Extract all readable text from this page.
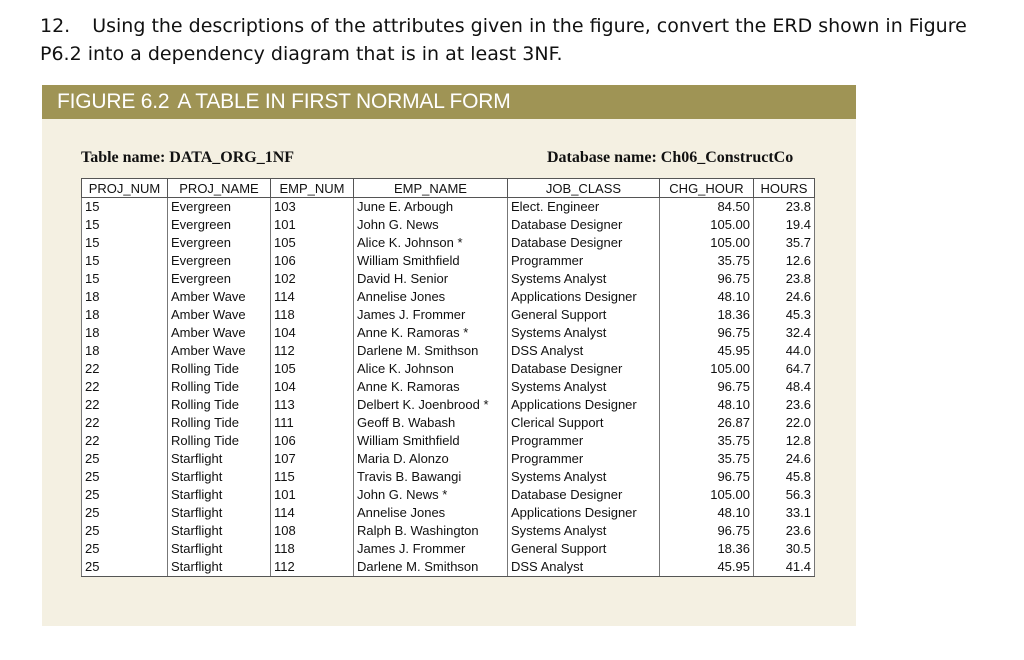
12. Using the descriptions of the attributes given in the figure, convert the ERD shown in Figure P6.2 into a dependency diagram that is in at least 3NF.
FIGURE 6.2 A TABLE IN FIRST NORMAL FORM
Table name: DATA_ORG_1NF	Database name: Ch06_ConstructCo
PROJ_NUM	PROJ_NAME	EMP_NUM	EMP_NAME	JOB_CLASS	CHG_HOUR	HOURS
15	Evergreen	103	June E. Arbough	Elect. Engineer	84.50	23.8
15	Evergreen	101	John G. News	Database Designer	105.00	19.4
15	Evergreen	105	Alice K. Johnson *	Database Designer	105.00	35.7
15	Evergreen	106	William Smithfield	Programmer	35.75	12.6
15	Evergreen	102	David H. Senior	Systems Analyst	96.75	23.8
18	Amber Wave	114	Annelise Jones	Applications Designer	48.10	24.6
18	Amber Wave	118	James J. Frommer	General Support	18.36	45.3
18	Amber Wave	104	Anne K. Ramoras *	Systems Analyst	96.75	32.4
18	Amber Wave	112	Darlene M. Smithson	DSS Analyst	45.95	44.0
22	Rolling Tide	105	Alice K. Johnson	Database Designer	105.00	64.7
22	Rolling Tide	104	Anne K. Ramoras	Systems Analyst	96.75	48.4
22	Rolling Tide	113	Delbert K. Joenbrood *	Applications Designer	48.10	23.6
22	Rolling Tide	111	Geoff B. Wabash	Clerical Support	26.87	22.0
22	Rolling Tide	106	William Smithfield	Programmer	35.75	12.8
25	Starflight	107	Maria D. Alonzo	Programmer	35.75	24.6
25	Starflight	115	Travis B. Bawangi	Systems Analyst	96.75	45.8
25	Starflight	101	John G. News *	Database Designer	105.00	56.3
25	Starflight	114	Annelise Jones	Applications Designer	48.10	33.1
25	Starflight	108	Ralph B. Washington	Systems Analyst	96.75	23.6
25	Starflight	118	James J. Frommer	General Support	18.36	30.5
25	Starflight	112	Darlene M. Smithson	DSS Analyst	45.95	41.4
